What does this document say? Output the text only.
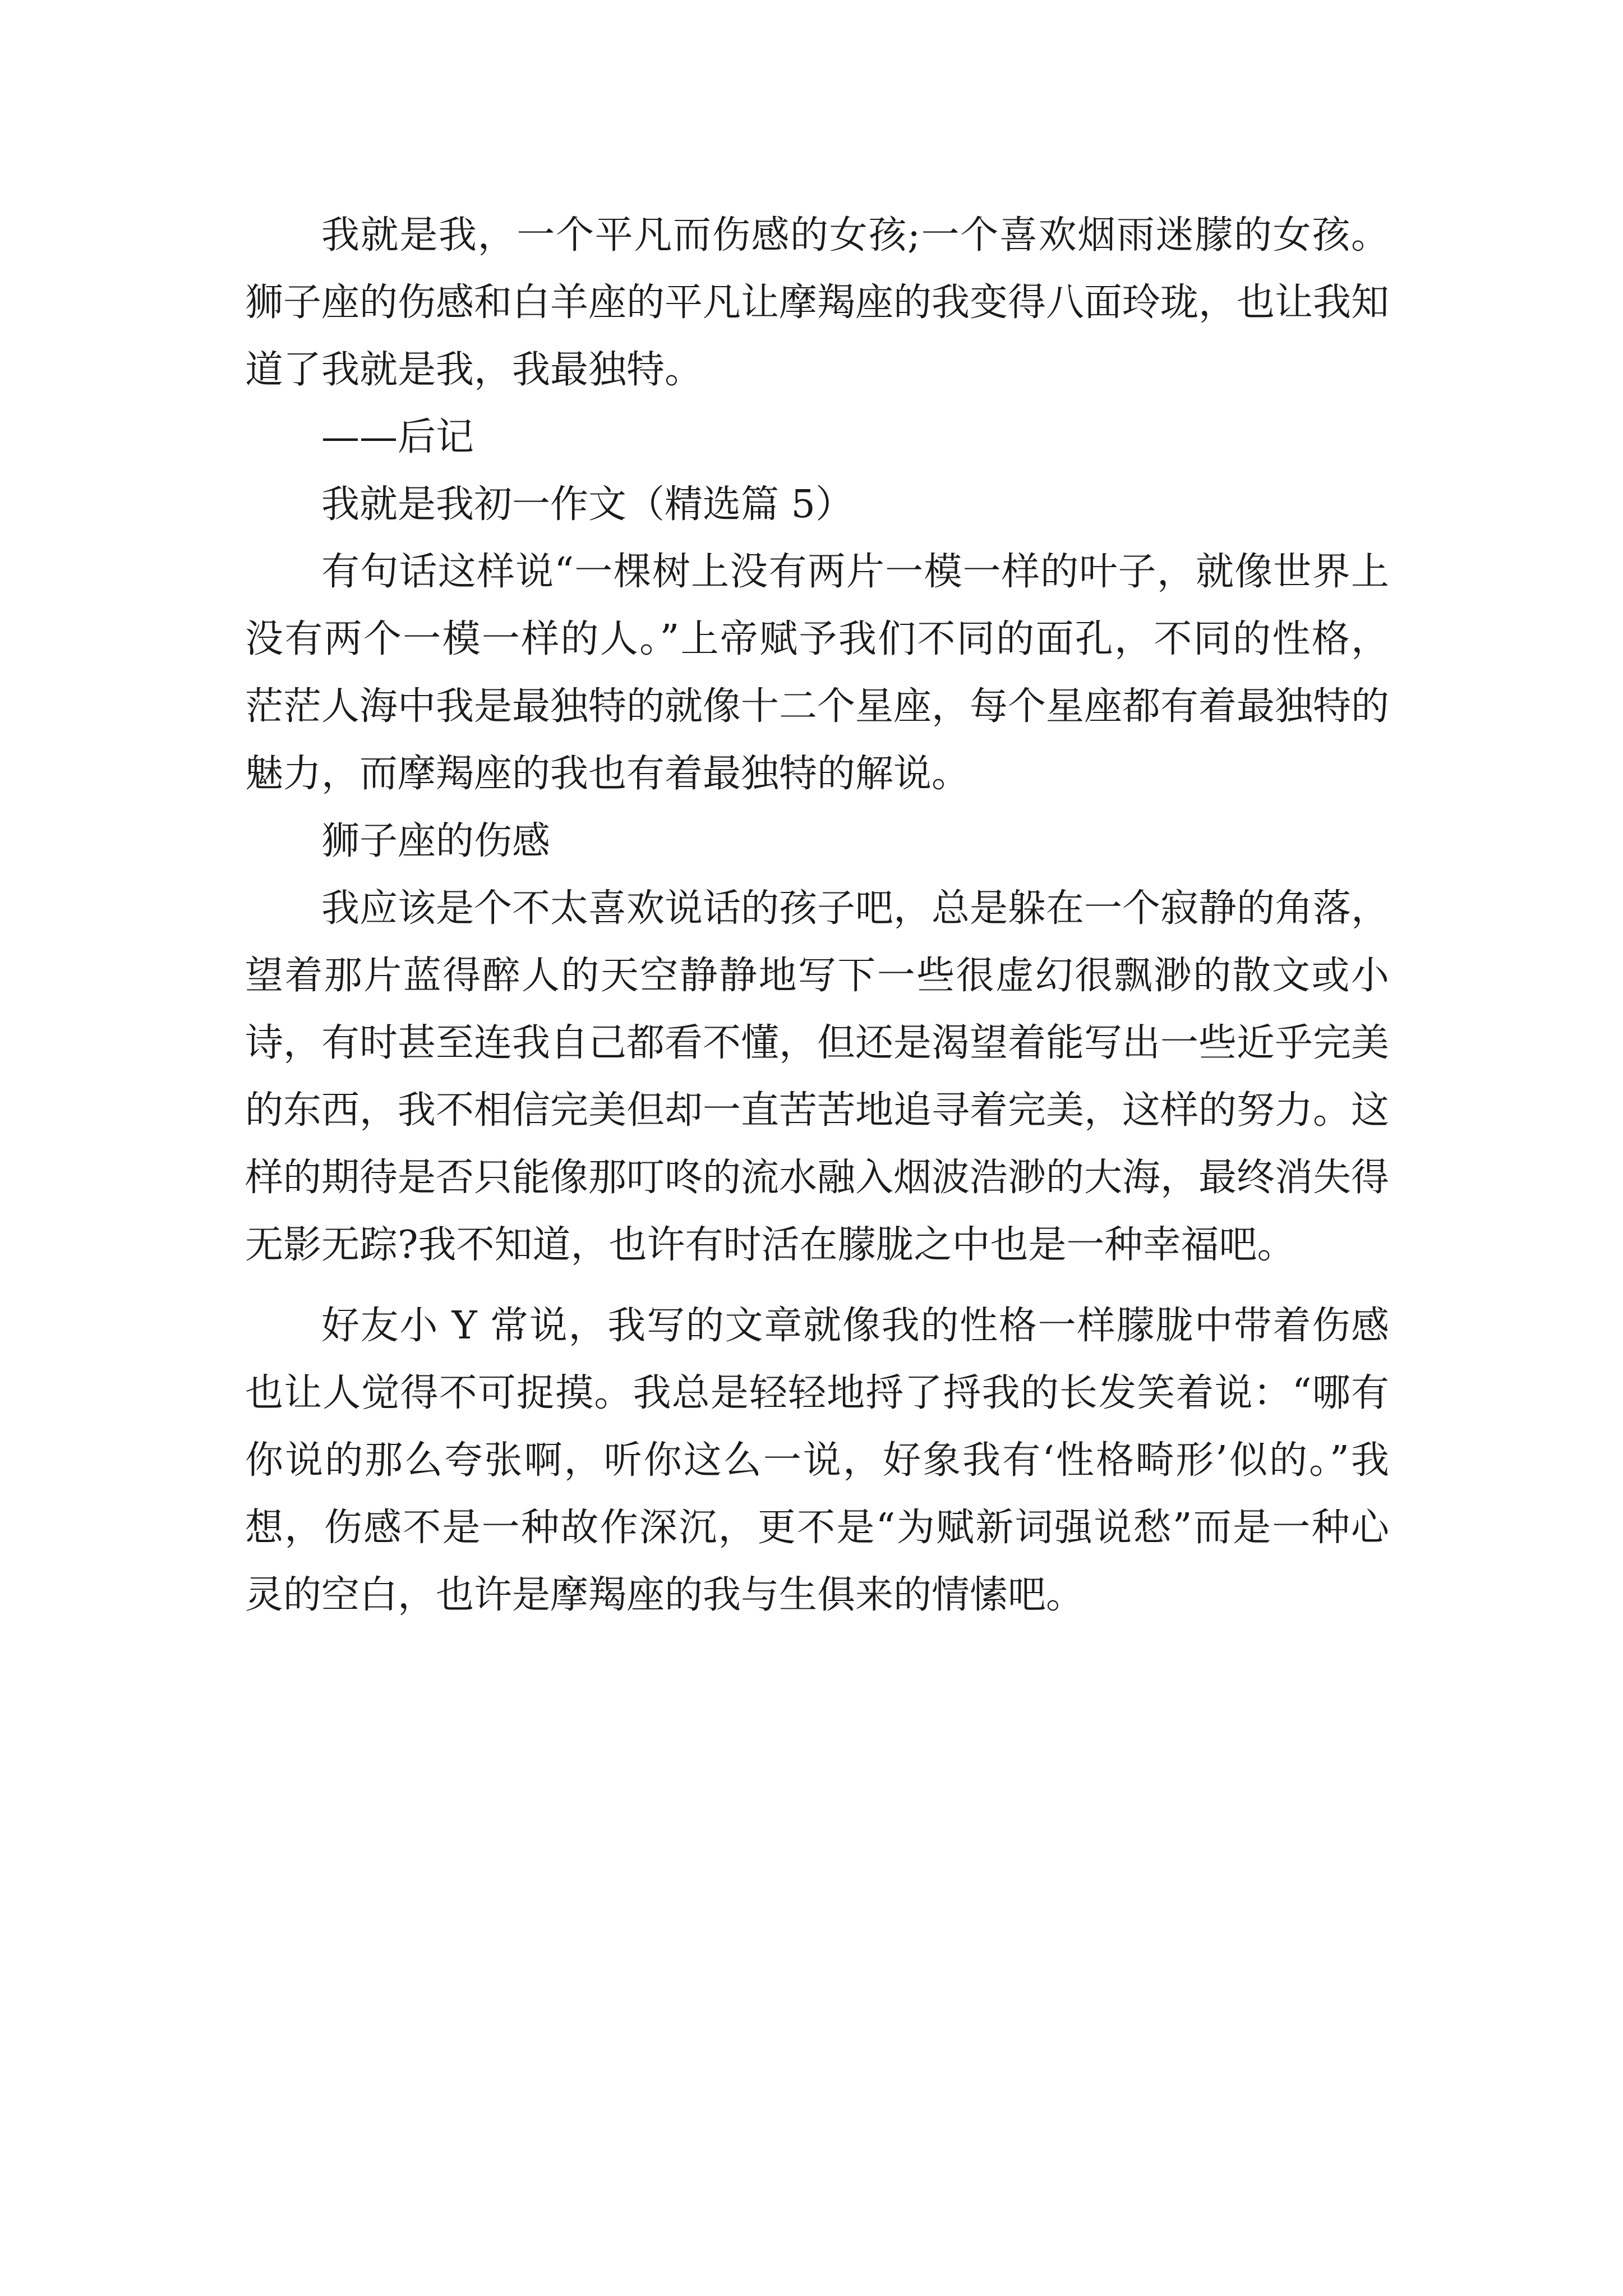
我就是我，一个平凡而伤感的女孩;一个喜欢烟雨迷朦的女孩。狮子座的伤感和白羊座的平凡让摩羯座的我变得八面玲珑，也让我知道了我就是我，我最独特。

——后记

我就是我初一作文（精选篇 5）

有句话这样说“一棵树上没有两片一模一样的叶子，就像世界上没有两个一模一样的人。”上帝赋予我们不同的面孔，不同的性格，茫茫人海中我是最独特的就像十二个星座，每个星座都有着最独特的魅力，而摩羯座的我也有着最独特的解说。

狮子座的伤感

我应该是个不太喜欢说话的孩子吧，总是躲在一个寂静的角落，望着那片蓝得醉人的天空静静地写下一些很虚幻很飘渺的散文或小诗，有时甚至连我自己都看不懂，但还是渴望着能写出一些近乎完美的东西，我不相信完美但却一直苦苦地追寻着完美，这样的努力。这样的期待是否只能像那叮咚的流水融入烟波浩渺的大海，最终消失得无影无踪?我不知道，也许有时活在朦胧之中也是一种幸福吧。

好友小 Y 常说，我写的文章就像我的性格一样朦胧中带着伤感也让人觉得不可捉摸。我总是轻轻地捋了捋我的长发笑着说：“哪有你说的那么夸张啊，听你这么一说，好象我有‘性格畸形’似的。”我想，伤感不是一种故作深沉，更不是“为赋新词强说愁”而是一种心灵的空白，也许是摩羯座的我与生俱来的情愫吧。
